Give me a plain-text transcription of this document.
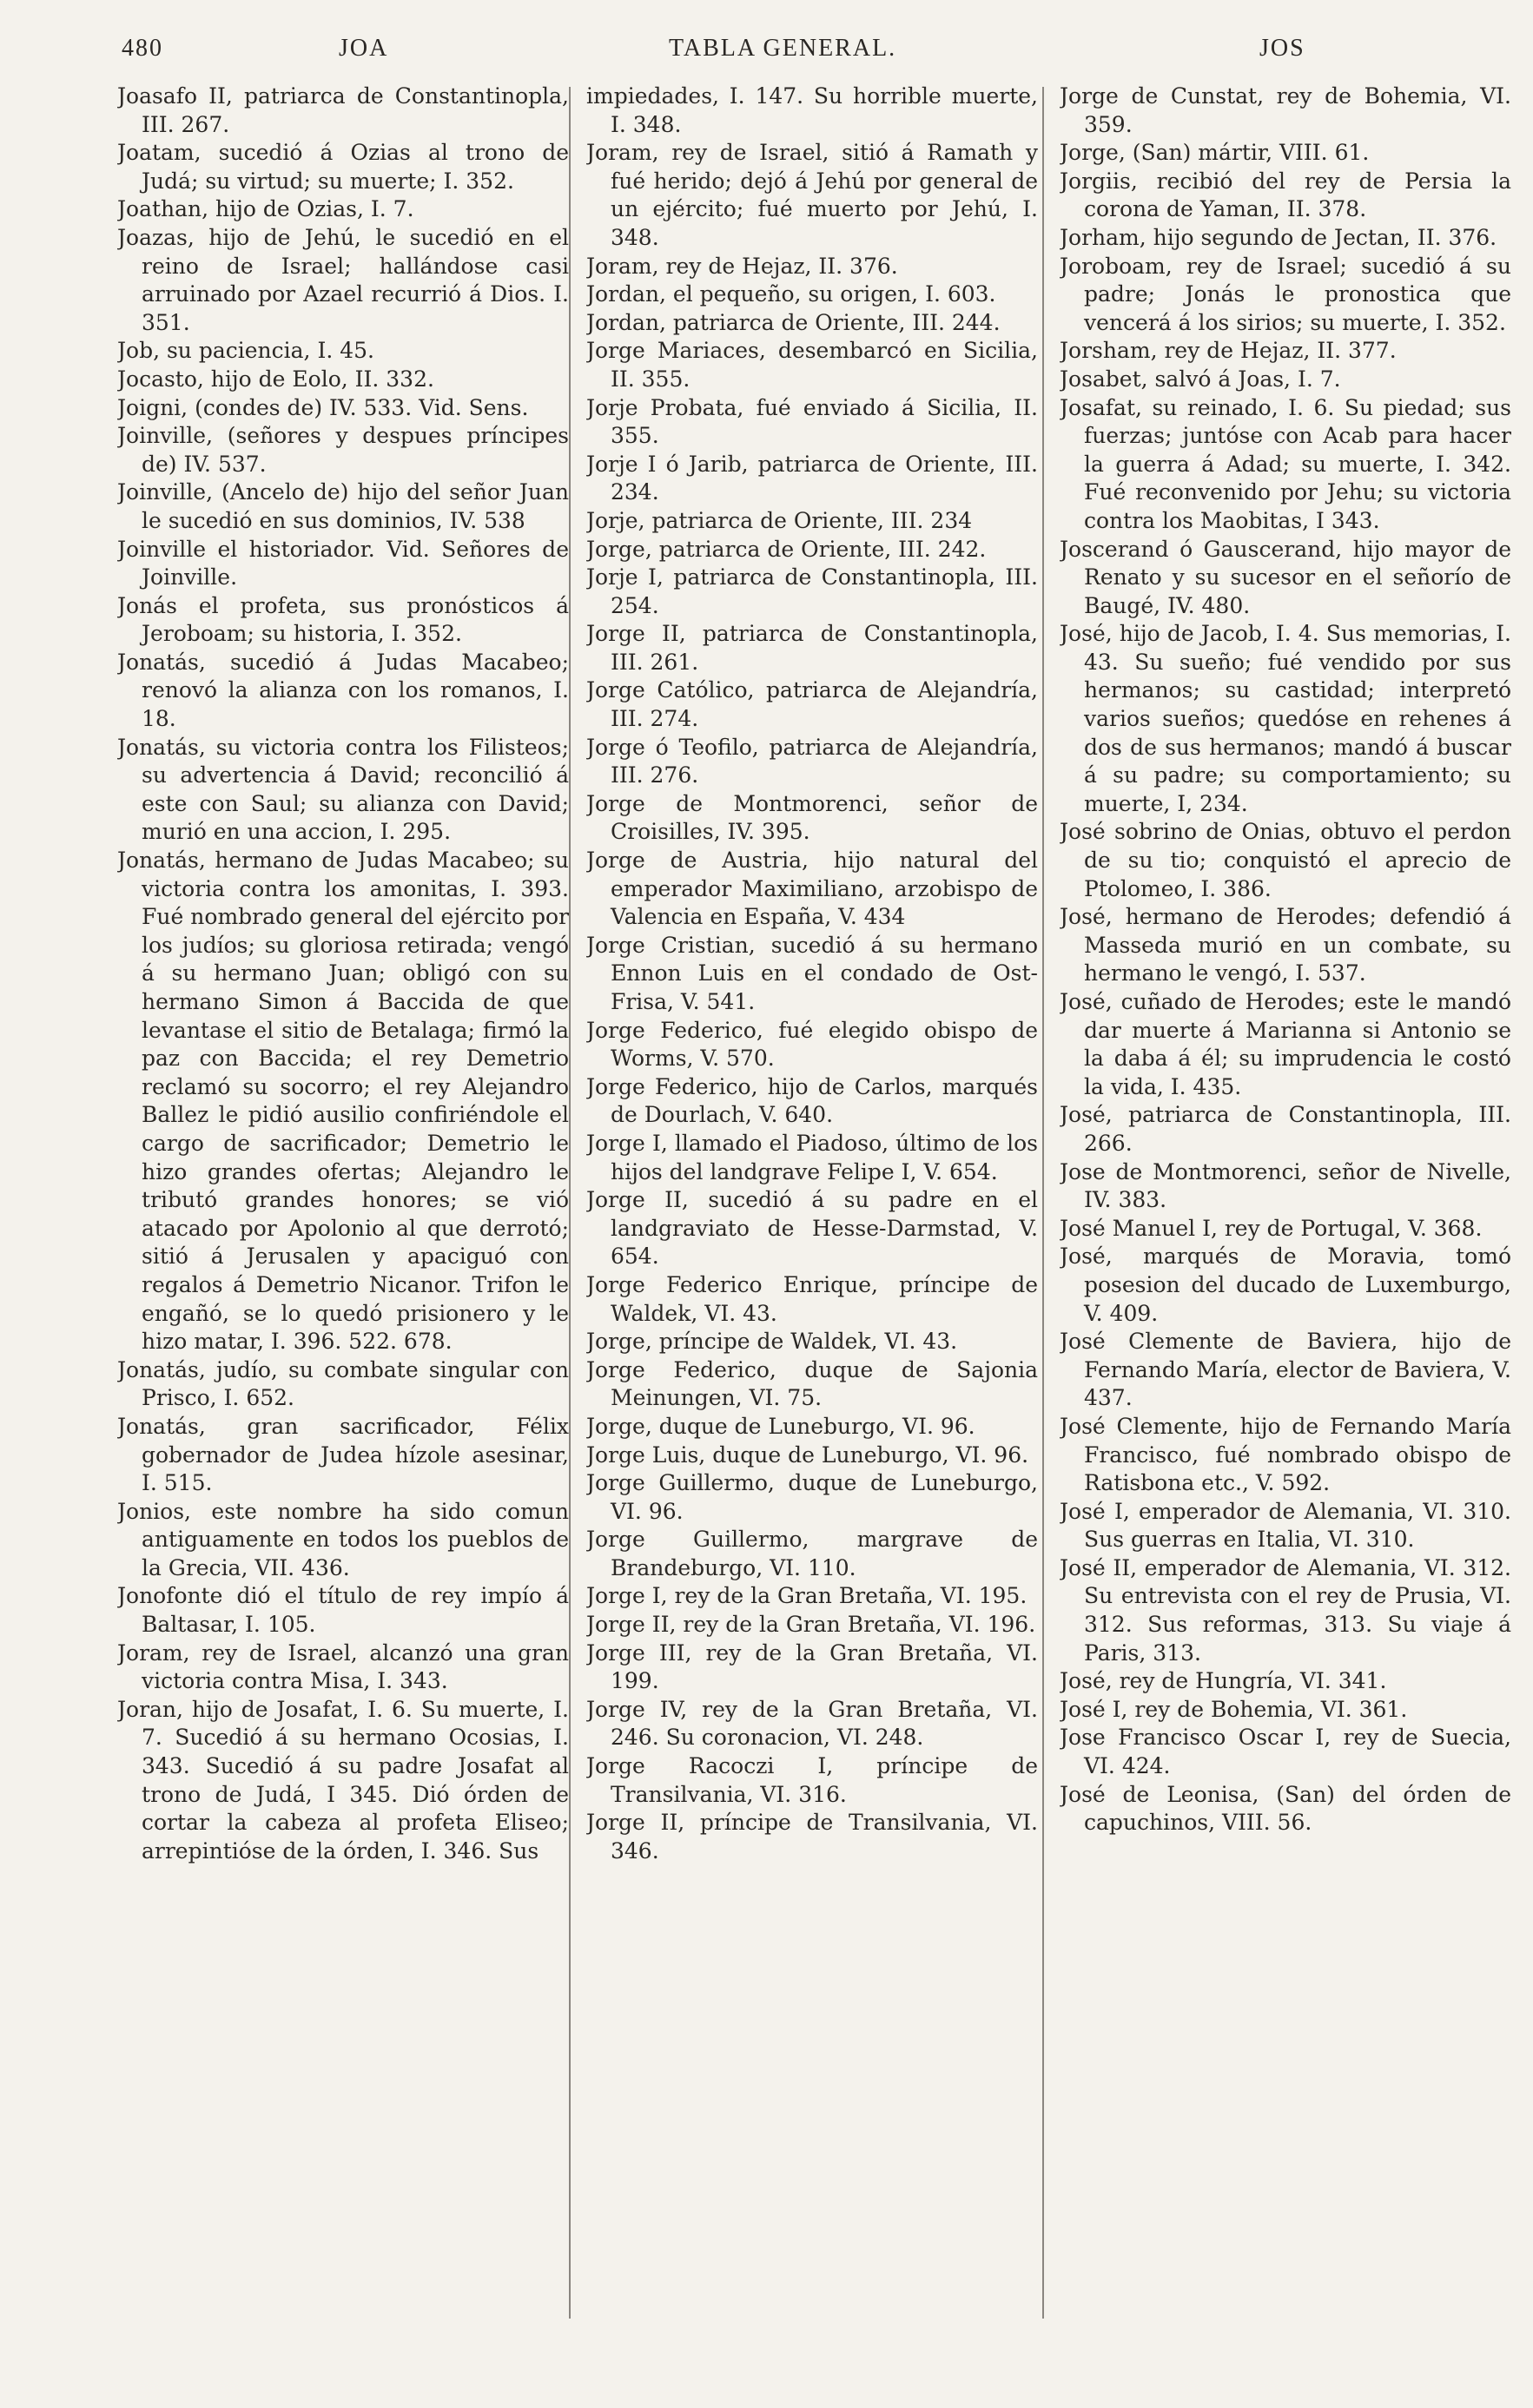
480	JOA	TABLA GENERAL.	JOS

Joasafo II, patriarca de Constantinopla, III. 267.

Joatam, sucedió á Ozias al trono de Judá; su virtud; su muerte; I. 352.

Joathan, hijo de Ozias, I. 7.

Joazas, hijo de Jehú, le sucedió en el reino de Israel; hallándose casi arruinado por Azael recurrió á Dios. I. 351.

Job, su paciencia, I. 45.

Jocasto, hijo de Eolo, II. 332.

Joigni, (condes de) IV. 533. Vid. Sens.

Joinville, (señores y despues príncipes de) IV. 537.

Joinville, (Ancelo de) hijo del señor Juan le sucedió en sus dominios, IV. 538

Joinville el historiador. Vid. Señores de Joinville.

Jonás el profeta, sus pronósticos á Jeroboam; su historia, I. 352.

Jonatás, sucedió á Judas Macabeo; renovó la alianza con los romanos, I. 18.

Jonatás, su victoria contra los Filisteos; su advertencia á David; reconcilió á este con Saul; su alianza con David; murió en una accion, I. 295.

Jonatás, hermano de Judas Macabeo; su victoria contra los amonitas, I. 393. Fué nombrado general del ejército por los judíos; su gloriosa retirada; vengó á su hermano Juan; obligó con su hermano Simon á Baccida de que levantase el sitio de Betalaga; firmó la paz con Baccida; el rey Demetrio reclamó su socorro; el rey Alejandro Ballez le pidió ausilio confiriéndole el cargo de sacrificador; Demetrio le hizo grandes ofertas; Alejandro le tributó grandes honores; se vió atacado por Apolonio al que derrotó; sitió á Jerusalen y apaciguó con regalos á Demetrio Nicanor. Trifon le engañó, se lo quedó prisionero y le hizo matar, I. 396. 522. 678.

Jonatás, judío, su combate singular con Prisco, I. 652.

Jonatás, gran sacrificador, Félix gobernador de Judea hízole asesinar, I. 515.

Jonios, este nombre ha sido comun antiguamente en todos los pueblos de la Grecia, VII. 436.

Jonofonte dió el título de rey impío á Baltasar, I. 105.

Joram, rey de Israel, alcanzó una gran victoria contra Misa, I. 343.

Joran, hijo de Josafat, I. 6. Su muerte, I. 7. Sucedió á su hermano Ocosias, I. 343. Sucedió á su padre Josafat al trono de Judá, I 345. Dió órden de cortar la cabeza al profeta Eliseo; arrepintióse de la órden, I. 346. Sus

impiedades, I. 147. Su horrible muerte, I. 348.

Joram, rey de Israel, sitió á Ramath y fué herido; dejó á Jehú por general de un ejército; fué muerto por Jehú, I. 348.

Joram, rey de Hejaz, II. 376.

Jordan, el pequeño, su origen, I. 603.

Jordan, patriarca de Oriente, III. 244.

Jorge Mariaces, desembarcó en Sicilia, II. 355.

Jorje Probata, fué enviado á Sicilia, II. 355.

Jorje I ó Jarib, patriarca de Oriente, III. 234.

Jorje, patriarca de Oriente, III. 234

Jorge, patriarca de Oriente, III. 242.

Jorje I, patriarca de Constantinopla, III. 254.

Jorge II, patriarca de Constantinopla, III. 261.

Jorge Católico, patriarca de Alejandría, III. 274.

Jorge ó Teofilo, patriarca de Alejandría, III. 276.

Jorge de Montmorenci, señor de Croisilles, IV. 395.

Jorge de Austria, hijo natural del emperador Maximiliano, arzobispo de Valencia en España, V. 434

Jorge Cristian, sucedió á su hermano Ennon Luis en el condado de Ost-Frisa, V. 541.

Jorge Federico, fué elegido obispo de Worms, V. 570.

Jorge Federico, hijo de Carlos, marqués de Dourlach, V. 640.

Jorge I, llamado el Piadoso, último de los hijos del landgrave Felipe I, V. 654.

Jorge II, sucedió á su padre en el landgraviato de Hesse-Darmstad, V. 654.

Jorge Federico Enrique, príncipe de Waldek, VI. 43.

Jorge, príncipe de Waldek, VI. 43.

Jorge Federico, duque de Sajonia Meinungen, VI. 75.

Jorge, duque de Luneburgo, VI. 96.

Jorge Luis, duque de Luneburgo, VI. 96.

Jorge Guillermo, duque de Luneburgo, VI. 96.

Jorge Guillermo, margrave de Brandeburgo, VI. 110.

Jorge I, rey de la Gran Bretaña, VI. 195.

Jorge II, rey de la Gran Bretaña, VI. 196.

Jorge III, rey de la Gran Bretaña, VI. 199.

Jorge IV, rey de la Gran Bretaña, VI. 246. Su coronacion, VI. 248.

Jorge Racoczi I, príncipe de Transilvania, VI. 316.

Jorge II, príncipe de Transilvania, VI. 346.

Jorge de Cunstat, rey de Bohemia, VI. 359.

Jorge, (San) mártir, VIII. 61.

Jorgiis, recibió del rey de Persia la corona de Yaman, II. 378.

Jorham, hijo segundo de Jectan, II. 376.

Joroboam, rey de Israel; sucedió á su padre; Jonás le pronostica que vencerá á los sirios; su muerte, I. 352.

Jorsham, rey de Hejaz, II. 377.

Josabet, salvó á Joas, I. 7.

Josafat, su reinado, I. 6. Su piedad; sus fuerzas; juntóse con Acab para hacer la guerra á Adad; su muerte, I. 342. Fué reconvenido por Jehu; su victoria contra los Maobitas, I 343.

Joscerand ó Gauscerand, hijo mayor de Renato y su sucesor en el señorío de Baugé, IV. 480.

José, hijo de Jacob, I. 4. Sus memorias, I. 43. Su sueño; fué vendido por sus hermanos; su castidad; interpretó varios sueños; quedóse en rehenes á dos de sus hermanos; mandó á buscar á su padre; su comportamiento; su muerte, I, 234.

José sobrino de Onias, obtuvo el perdon de su tio; conquistó el aprecio de Ptolomeo, I. 386.

José, hermano de Herodes; defendió á Masseda murió en un combate, su hermano le vengó, I. 537.

José, cuñado de Herodes; este le mandó dar muerte á Marianna si Antonio se la daba á él; su imprudencia le costó la vida, I. 435.

José, patriarca de Constantinopla, III. 266.

Jose de Montmorenci, señor de Nivelle, IV. 383.

José Manuel I, rey de Portugal, V. 368.

José, marqués de Moravia, tomó posesion del ducado de Luxemburgo, V. 409.

José Clemente de Baviera, hijo de Fernando María, elector de Baviera, V. 437.

José Clemente, hijo de Fernando María Francisco, fué nombrado obispo de Ratisbona etc., V. 592.

José I, emperador de Alemania, VI. 310. Sus guerras en Italia, VI. 310.

José II, emperador de Alemania, VI. 312. Su entrevista con el rey de Prusia, VI. 312. Sus reformas, 313. Su viaje á Paris, 313.

José, rey de Hungría, VI. 341.

José I, rey de Bohemia, VI. 361.

Jose Francisco Oscar I, rey de Suecia, VI. 424.

José de Leonisa, (San) del órden de capuchinos, VIII. 56.
